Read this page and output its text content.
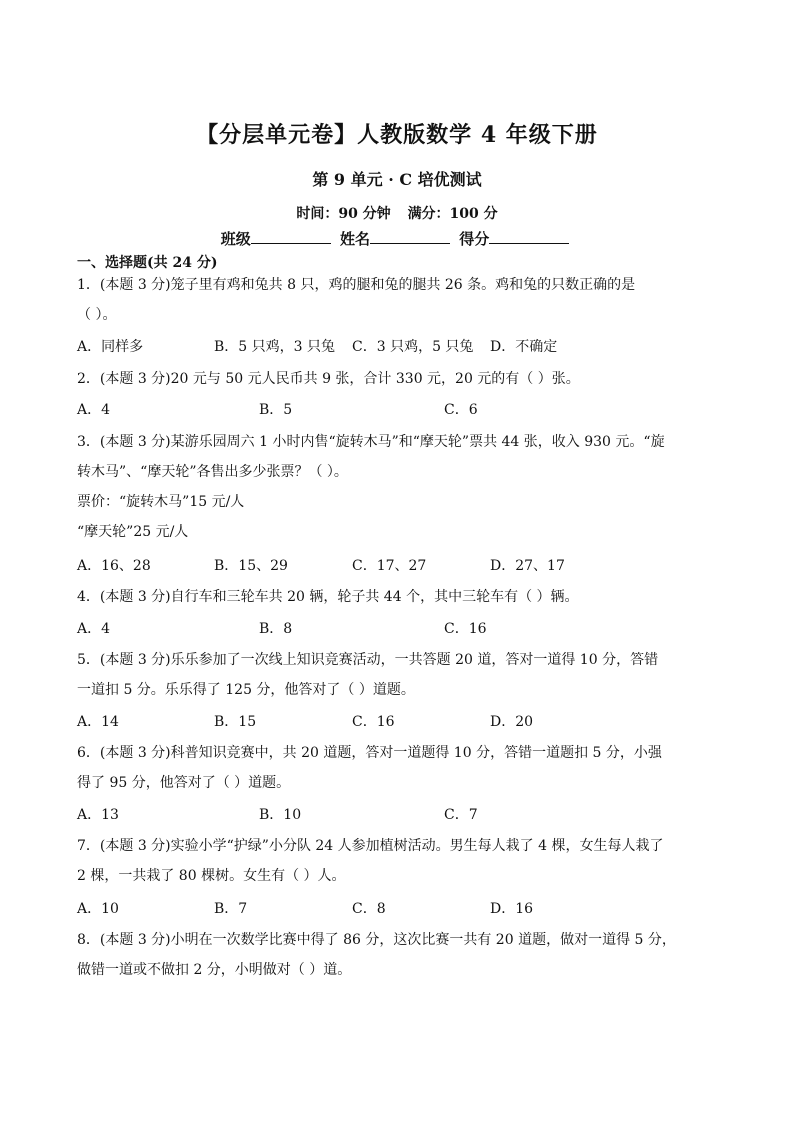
【分层单元卷】人教版数学 4 年级下册
第 9 单元 · C 培优测试
时间：90 分钟 满分：100 分
班级	姓名	得分
一、选择题(共 24 分)
1．(本题 3 分)笼子里有鸡和兔共 8 只，鸡的腿和兔的腿共 26 条。鸡和兔的只数正确的是
（ ）。
A．同样多	B．5 只鸡，3 只兔 C．3 只鸡，5 只兔 D．不确定
2．(本题 3 分)20 元与 50 元人民币共 9 张，合计 330 元，20 元的有（ ）张。
A．4	B．5	C．6
3．(本题 3 分)某游乐园周六 1 小时内售“旋转木马”和“摩天轮”票共 44 张，收入 930 元。“旋
转木马”、“摩天轮”各售出多少张票？（ ）。
票价：“旋转木马”15 元/人
“摩天轮”25 元/人
A．16、28	B．15、29	C．17、27	D．27、17
4．(本题 3 分)自行车和三轮车共 20 辆，轮子共 44 个，其中三轮车有（ ）辆。
A．4	B．8	C．16
5．(本题 3 分)乐乐参加了一次线上知识竞赛活动，一共答题 20 道，答对一道得 10 分，答错
一道扣 5 分。乐乐得了 125 分，他答对了（ ）道题。
A．14	B．15	C．16	D．20
6．(本题 3 分)科普知识竞赛中，共 20 道题，答对一道题得 10 分，答错一道题扣 5 分，小强
得了 95 分，他答对了（ ）道题。
A．13	B．10	C．7
7．(本题 3 分)实验小学“护绿”小分队 24 人参加植树活动。男生每人栽了 4 棵，女生每人栽了
2 棵，一共栽了 80 棵树。女生有（ ）人。
A．10	B．7	C．8	D．16
8．(本题 3 分)小明在一次数学比赛中得了 86 分，这次比赛一共有 20 道题，做对一道得 5 分，
做错一道或不做扣 2 分，小明做对（ ）道。
